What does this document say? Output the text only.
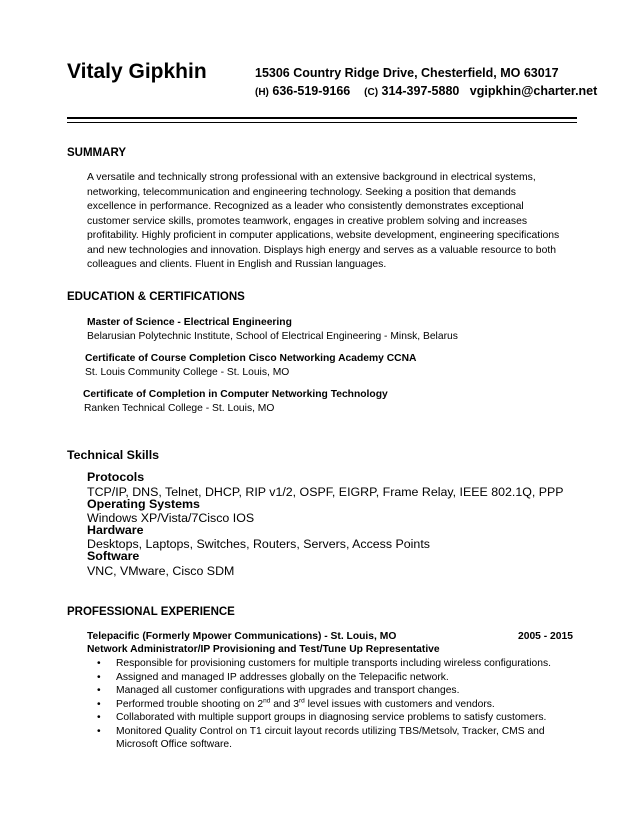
Vitaly Gipkhin	15306 Country Ridge Drive, Chesterfield, MO 63017
(H) 636-519-9166 (C) 314-397-5880 vgipkhin@charter.net
SUMMARY
A versatile and technically strong professional with an extensive background in electrical systems,
networking, telecommunication and engineering technology. Seeking a position that demands
excellence in performance. Recognized as a leader who consistently demonstrates exceptional
customer service skills, promotes teamwork, engages in creative problem solving and increases
profitability. Highly proficient in computer applications, website development, engineering specifications
and new technologies and innovation. Displays high energy and serves as a valuable resource to both
colleagues and clients. Fluent in English and Russian languages.
EDUCATION & CERTIFICATIONS
Master of Science - Electrical Engineering
Belarusian Polytechnic Institute, School of Electrical Engineering - Minsk, Belarus
Certificate of Course Completion Cisco Networking Academy CCNA
St. Louis Community College - St. Louis, MO
Certificate of Completion in Computer Networking Technology
Ranken Technical College - St. Louis, MO
Technical Skills
Protocols
TCP/IP, DNS, Telnet, DHCP, RIP v1/2, OSPF, EIGRP, Frame Relay, IEEE 802.1Q, PPP
Operating Systems
Windows XP/Vista/7Cisco IOS
Hardware
Desktops, Laptops, Switches, Routers, Servers, Access Points
Software
VNC, VMware, Cisco SDM
PROFESSIONAL EXPERIENCE
Telepacific (Formerly Mpower Communications) - St. Louis, MO	2005 - 2015
Network Administrator/IP Provisioning and Test/Tune Up Representative
• Responsible for provisioning customers for multiple transports including wireless configurations.
• Assigned and managed IP addresses globally on the Telepacific network.
• Managed all customer configurations with upgrades and transport changes.
• Performed trouble shooting on 2nd and 3rd level issues with customers and vendors.
• Collaborated with multiple support groups in diagnosing service problems to satisfy customers.
• Monitored Quality Control on T1 circuit layout records utilizing TBS/Metsolv, Tracker, CMS and
Microsoft Office software.
